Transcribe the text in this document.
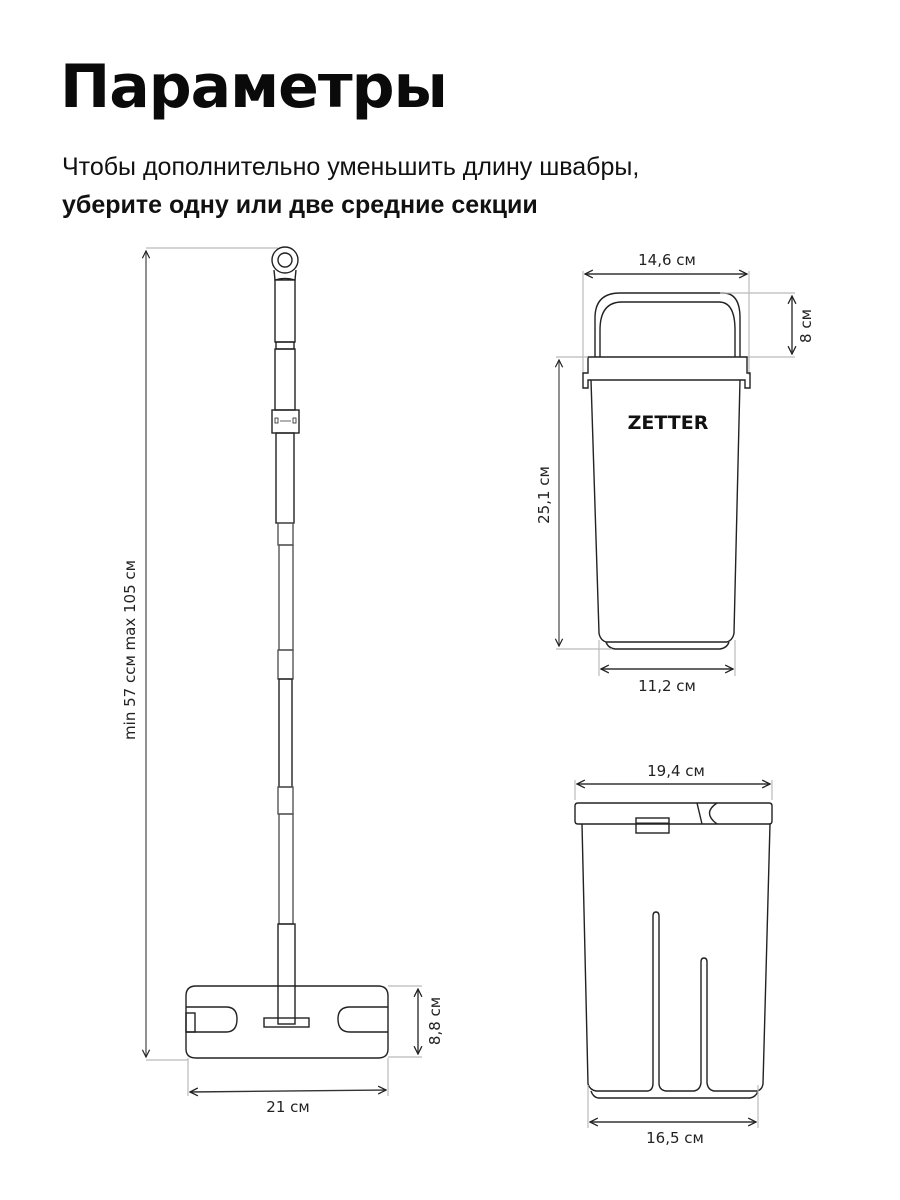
Параметры
Чтобы дополнительно уменьшить длину швабры,
уберите одну или две средние секции
min 57 ccм max 105 cм
8,8 cм
21 cм
ZETTER
14,6 cм
8 cм
25,1 cм
11,2 cм
19,4 cм
16,5 cм
